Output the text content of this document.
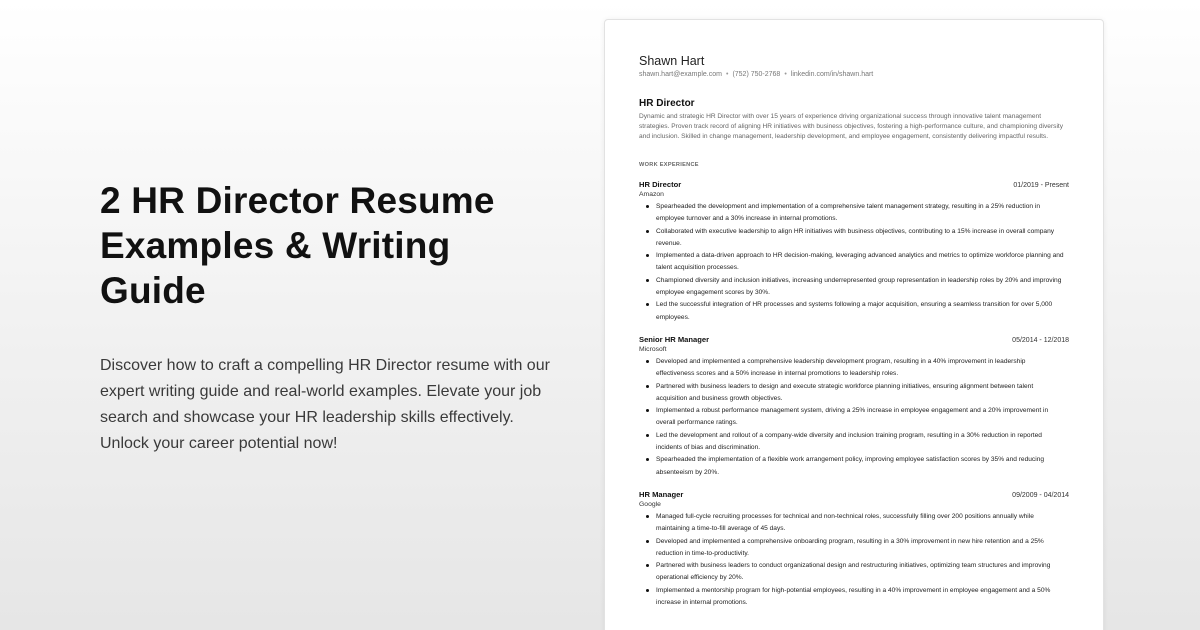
2 HR Director Resume Examples & Writing Guide

Discover how to craft a compelling HR Director resume with our expert writing guide and real-world examples. Elevate your job search and showcase your HR leadership skills effectively. Unlock your career potential now!

Shawn Hart
shawn.hart@example.com • (752) 750-2768 • linkedin.com/in/shawn.hart
HR Director
Dynamic and strategic HR Director with over 15 years of experience driving organizational success through innovative talent management strategies. Proven track record of aligning HR initiatives with business objectives, fostering a high-performance culture, and championing diversity and inclusion. Skilled in change management, leadership development, and employee engagement, consistently delivering impactful results.
WORK EXPERIENCE
HR Director	01/2019 - Present
Amazon
Spearheaded the development and implementation of a comprehensive talent management strategy, resulting in a 25% reduction in employee turnover and a 30% increase in internal promotions.
Collaborated with executive leadership to align HR initiatives with business objectives, contributing to a 15% increase in overall company revenue.
Implemented a data-driven approach to HR decision-making, leveraging advanced analytics and metrics to optimize workforce planning and talent acquisition processes.
Championed diversity and inclusion initiatives, increasing underrepresented group representation in leadership roles by 20% and improving employee engagement scores by 30%.
Led the successful integration of HR processes and systems following a major acquisition, ensuring a seamless transition for over 5,000 employees.
Senior HR Manager	05/2014 - 12/2018
Microsoft
Developed and implemented a comprehensive leadership development program, resulting in a 40% improvement in leadership effectiveness scores and a 50% increase in internal promotions to leadership roles.
Partnered with business leaders to design and execute strategic workforce planning initiatives, ensuring alignment between talent acquisition and business growth objectives.
Implemented a robust performance management system, driving a 25% increase in employee engagement and a 20% improvement in overall performance ratings.
Led the development and rollout of a company-wide diversity and inclusion training program, resulting in a 30% reduction in reported incidents of bias and discrimination.
Spearheaded the implementation of a flexible work arrangement policy, improving employee satisfaction scores by 35% and reducing absenteeism by 20%.
HR Manager	09/2009 - 04/2014
Google
Managed full-cycle recruiting processes for technical and non-technical roles, successfully filling over 200 positions annually while maintaining a time-to-fill average of 45 days.
Developed and implemented a comprehensive onboarding program, resulting in a 30% improvement in new hire retention and a 25% reduction in time-to-productivity.
Partnered with business leaders to conduct organizational design and restructuring initiatives, optimizing team structures and improving operational efficiency by 20%.
Implemented a mentorship program for high-potential employees, resulting in a 40% improvement in employee engagement and a 50% increase in internal promotions.
